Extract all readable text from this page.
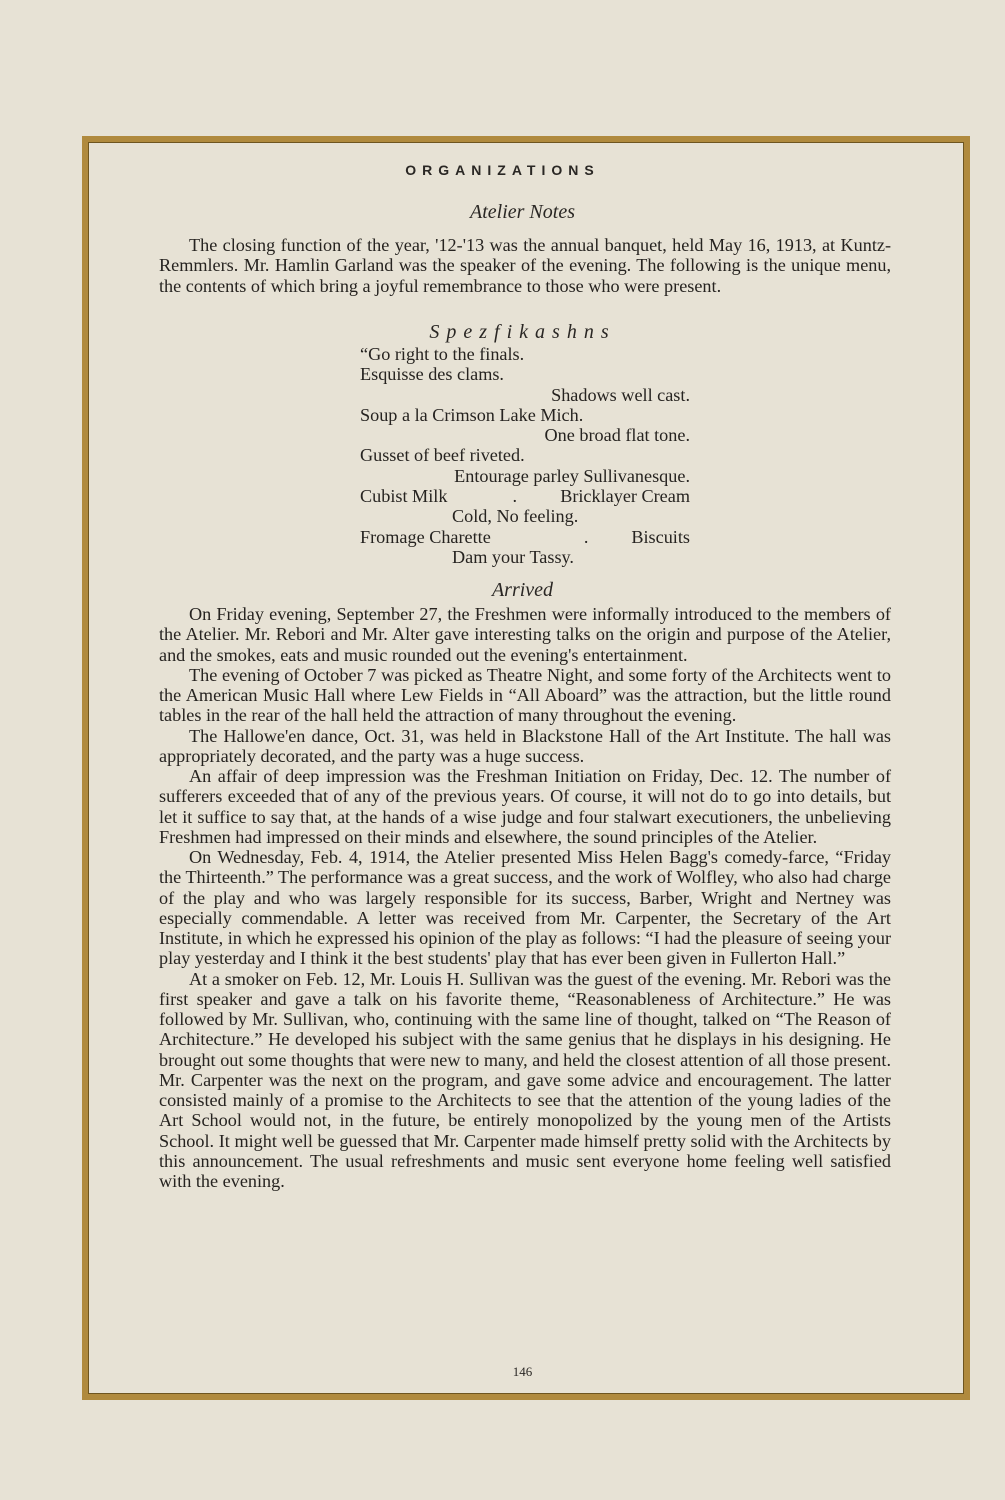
ORGANIZATIONS
Atelier Notes

The closing function of the year, '12-'13 was the annual banquet, held May 16, 1913, at Kuntz-Remmlers. Mr. Hamlin Garland was the speaker of the evening. The following is the unique menu, the contents of which bring a joyful remembrance to those who were present.

Spezfikashns
“Go right to the finals.
Esquisse des clams.
Shadows well cast.
Soup a la Crimson Lake Mich.
One broad flat tone.
Gusset of beef riveted.
Entourage parley Sullivanesque.
Cubist Milk	. Bricklayer Cream
Cold, No feeling.
Fromage Charette	. Biscuits
Dam your Tassy.
Arrived

On Friday evening, September 27, the Freshmen were informally introduced to the members of the Atelier. Mr. Rebori and Mr. Alter gave interesting talks on the origin and purpose of the Atelier, and the smokes, eats and music rounded out the evening's entertainment.

The evening of October 7 was picked as Theatre Night, and some forty of the Architects went to the American Music Hall where Lew Fields in “All Aboard” was the attraction, but the little round tables in the rear of the hall held the attraction of many throughout the evening.

The Hallowe'en dance, Oct. 31, was held in Blackstone Hall of the Art Institute. The hall was appropriately decorated, and the party was a huge success.

An affair of deep impression was the Freshman Initiation on Friday, Dec. 12. The number of sufferers exceeded that of any of the previous years. Of course, it will not do to go into details, but let it suffice to say that, at the hands of a wise judge and four stalwart executioners, the unbelieving Freshmen had impressed on their minds and elsewhere, the sound principles of the Atelier.

On Wednesday, Feb. 4, 1914, the Atelier presented Miss Helen Bagg's comedy-farce, “Friday the Thirteenth.” The performance was a great success, and the work of Wolfley, who also had charge of the play and who was largely responsible for its success, Barber, Wright and Nertney was especially commendable. A letter was received from Mr. Carpenter, the Secretary of the Art Institute, in which he expressed his opinion of the play as follows: “I had the pleasure of seeing your play yesterday and I think it the best students' play that has ever been given in Fullerton Hall.”

At a smoker on Feb. 12, Mr. Louis H. Sullivan was the guest of the evening. Mr. Rebori was the first speaker and gave a talk on his favorite theme, “Reasonableness of Architecture.” He was followed by Mr. Sullivan, who, continuing with the same line of thought, talked on “The Reason of Architecture.” He developed his subject with the same genius that he displays in his designing. He brought out some thoughts that were new to many, and held the closest attention of all those present. Mr. Carpenter was the next on the program, and gave some advice and encouragement. The latter consisted mainly of a promise to the Architects to see that the attention of the young ladies of the Art School would not, in the future, be entirely monopolized by the young men of the Artists School. It might well be guessed that Mr. Carpenter made himself pretty solid with the Architects by this announcement. The usual refreshments and music sent everyone home feeling well satisfied with the evening.

146
